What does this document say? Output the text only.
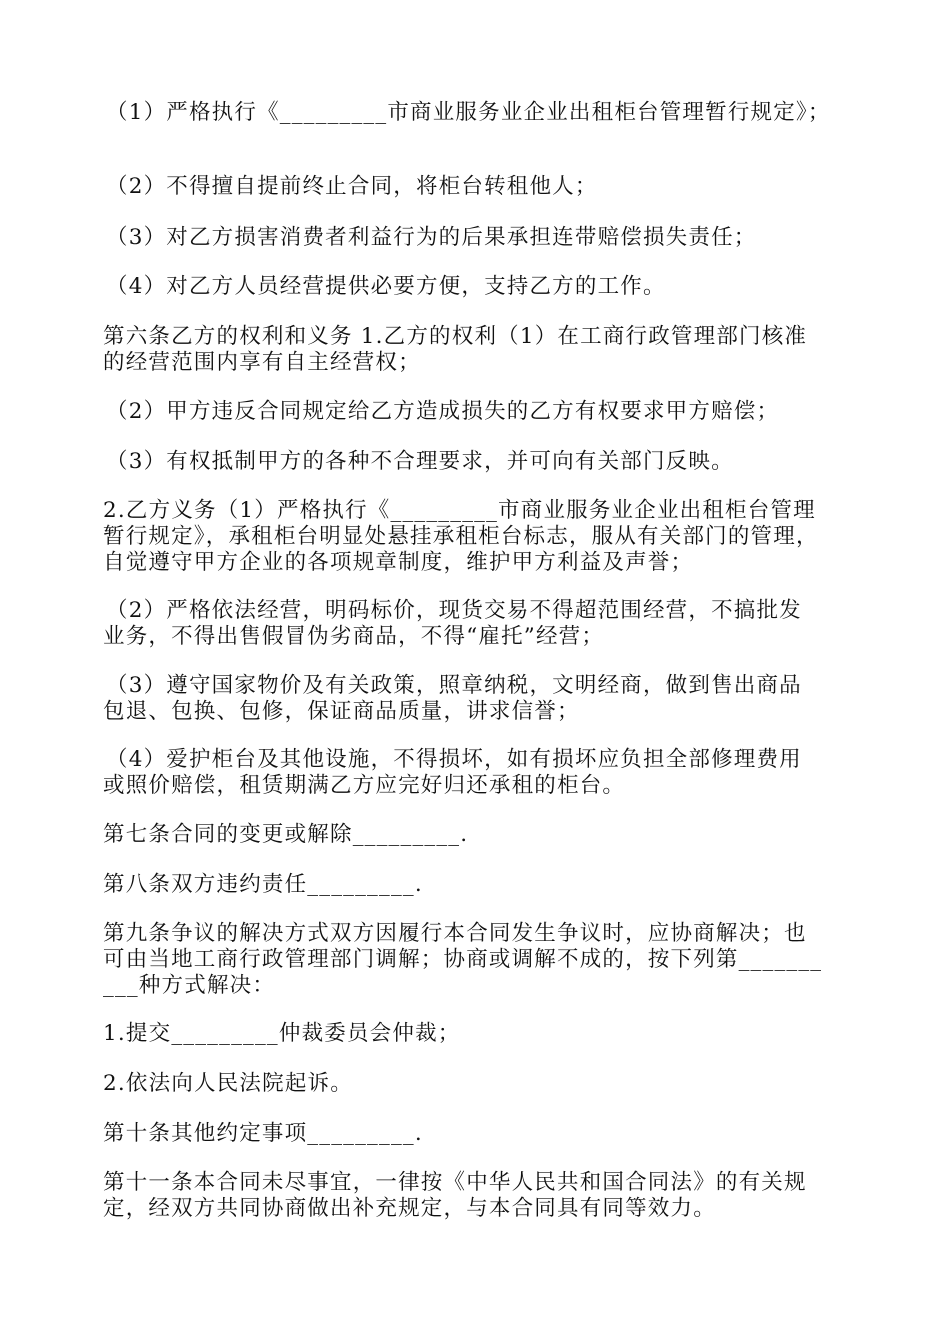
（1）严格执行《_________市商业服务业企业出租柜台管理暂行规定》；

（2）不得擅自提前终止合同，将柜台转租他人；

（3）对乙方损害消费者利益行为的后果承担连带赔偿损失责任；

（4）对乙方人员经营提供必要方便，支持乙方的工作。

第六条乙方的权利和义务 1.乙方的权利（1）在工商行政管理部门核准

的经营范围内享有自主经营权；

（2）甲方违反合同规定给乙方造成损失的乙方有权要求甲方赔偿；

（3）有权抵制甲方的各种不合理要求，并可向有关部门反映。

2.乙方义务（1）严格执行《_________市商业服务业企业出租柜台管理

暂行规定》，承租柜台明显处悬挂承租柜台标志，服从有关部门的管理，

自觉遵守甲方企业的各项规章制度，维护甲方利益及声誉；

（2）严格依法经营，明码标价，现货交易不得超范围经营，不搞批发

业务，不得出售假冒伪劣商品，不得“雇托”经营；

（3）遵守国家物价及有关政策，照章纳税，文明经商，做到售出商品

包退、包换、包修，保证商品质量，讲求信誉；

（4）爱护柜台及其他设施，不得损坏，如有损坏应负担全部修理费用

或照价赔偿，租赁期满乙方应完好归还承租的柜台。

第七条合同的变更或解除_________.

第八条双方违约责任_________.

第九条争议的解决方式双方因履行本合同发生争议时，应协商解决；也

可由当地工商行政管理部门调解；协商或调解不成的，按下列第_______

___种方式解决：

1.提交_________仲裁委员会仲裁；

2.依法向人民法院起诉。

第十条其他约定事项_________.

第十一条本合同未尽事宜，一律按《中华人民共和国合同法》的有关规

定，经双方共同协商做出补充规定，与本合同具有同等效力。
